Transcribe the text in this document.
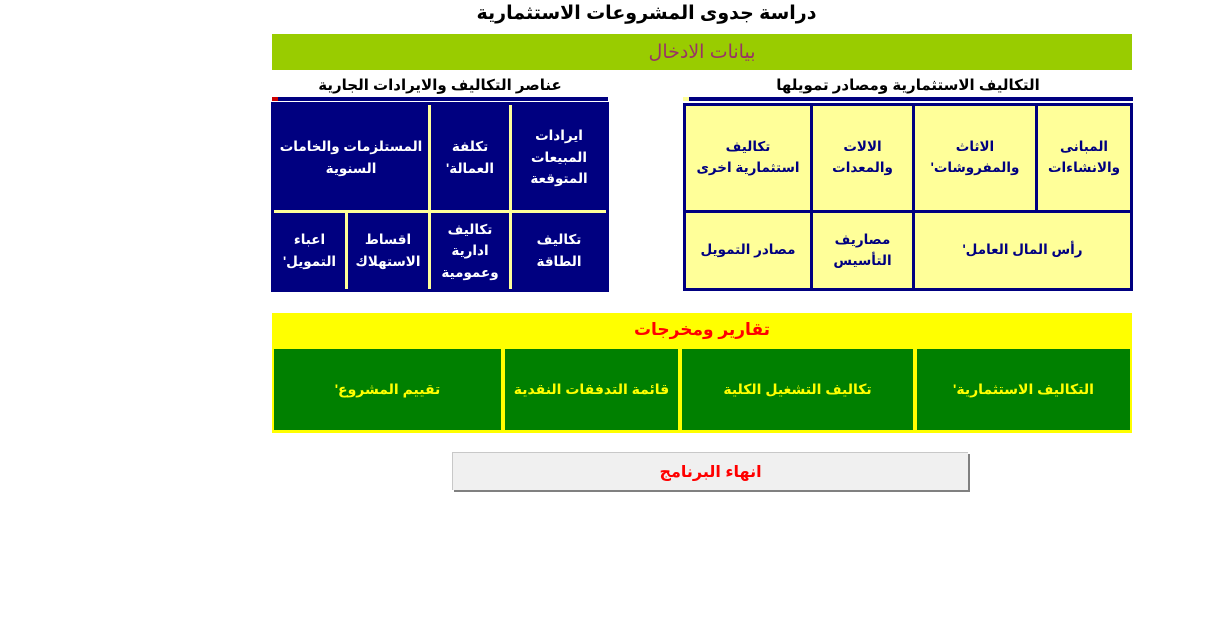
دراسة جدوى المشروعات الاستثمارية
بيانات الادخال
التكاليف الاستثمارية ومصادر تمويلها
عناصر التكاليف والايرادات الجارية
المبانى والانشاءات
الاثاث والمفروشات'
الالات والمعدات
تكاليف استثمارية اخرى
رأس المال العامل'
مصاريف التأسيس
مصادر التمويل
ايرادات المبيعات المتوقعة
تكلفة العمالة'
المستلزمات والخامات السنوية
تكاليف الطاقة
تكاليف ادارية وعمومية
اقساط الاستهلاك
اعباء التمويل'
تقارير ومخرجات
التكاليف الاستثمارية'
تكاليف التشغيل الكلية
قائمة التدفقات النقدية
تقييم المشروع'
انهاء البرنامج
